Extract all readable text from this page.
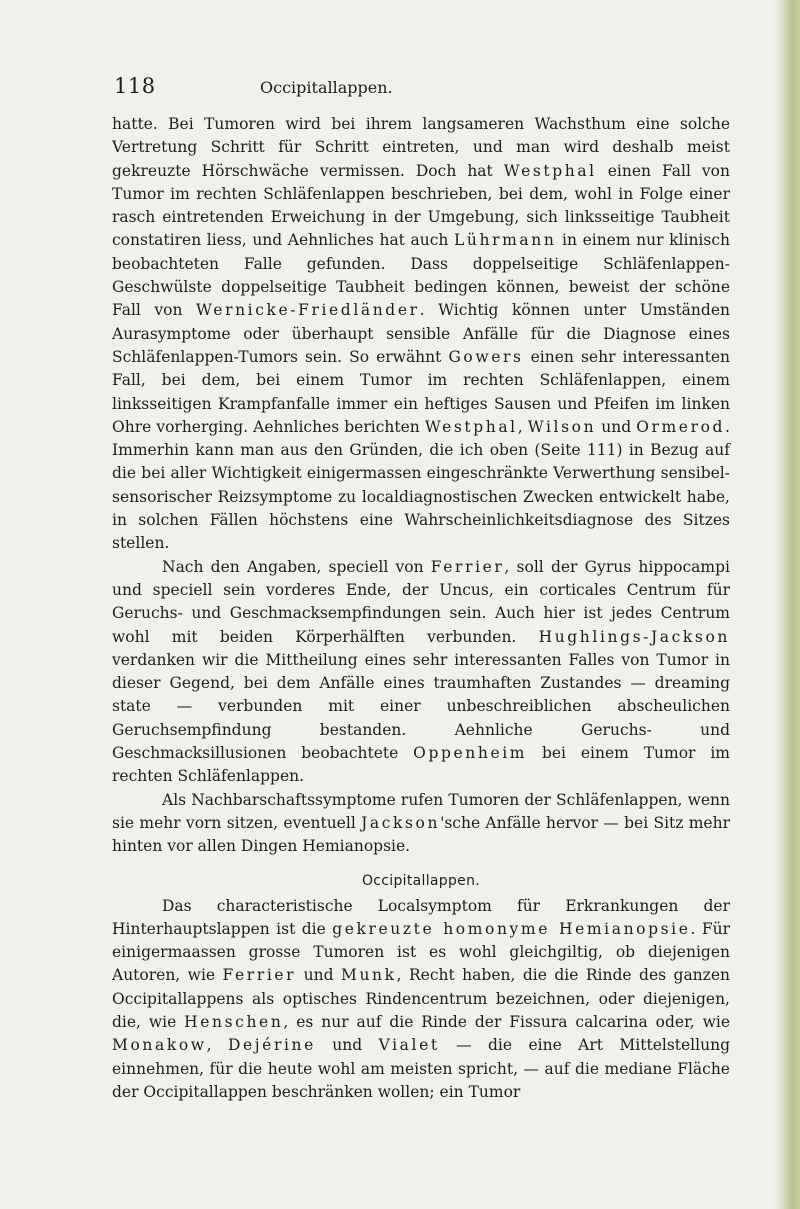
118	Occipitallappen.

hatte. Bei Tumoren wird bei ihrem langsameren Wachsthum eine solche Vertretung Schritt für Schritt eintreten, und man wird deshalb meist gekreuzte Hörschwäche vermissen. Doch hat Westphal einen Fall von Tumor im rechten Schläfenlappen beschrieben, bei dem, wohl in Folge einer rasch eintretenden Erweichung in der Umgebung, sich linksseitige Taubheit constatiren liess, und Aehnliches hat auch Lührmann in einem nur klinisch beobachteten Falle gefunden. Dass doppelseitige Schläfenlappen-Geschwülste doppelseitige Taubheit bedingen können, beweist der schöne Fall von Wernicke-Friedländer. Wichtig können unter Umständen Aurasymptome oder überhaupt sensible Anfälle für die Diagnose eines Schläfenlappen-Tumors sein. So erwähnt Gowers einen sehr interessanten Fall, bei dem, bei einem Tumor im rechten Schläfenlappen, einem linksseitigen Krampfanfalle immer ein heftiges Sausen und Pfeifen im linken Ohre vorherging. Aehnliches berichten Westphal, Wilson und Ormerod. Immerhin kann man aus den Gründen, die ich oben (Seite 111) in Bezug auf die bei aller Wichtigkeit einigermassen eingeschränkte Verwerthung sensibel-sensorischer Reizsymptome zu localdiagnostischen Zwecken entwickelt habe, in solchen Fällen höchstens eine Wahrscheinlichkeitsdiagnose des Sitzes stellen.

Nach den Angaben, speciell von Ferrier, soll der Gyrus hippocampi und speciell sein vorderes Ende, der Uncus, ein corticales Centrum für Geruchs- und Geschmacksempfindungen sein. Auch hier ist jedes Centrum wohl mit beiden Körperhälften verbunden. Hughlings-Jackson verdanken wir die Mittheilung eines sehr interessanten Falles von Tumor in dieser Gegend, bei dem Anfälle eines traumhaften Zustandes — dreaming state — verbunden mit einer unbeschreiblichen abscheulichen Geruchsempfindung bestanden. Aehnliche Geruchs- und Geschmacksillusionen beobachtete Oppenheim bei einem Tumor im rechten Schläfenlappen.

Als Nachbarschaftssymptome rufen Tumoren der Schläfenlappen, wenn sie mehr vorn sitzen, eventuell Jackson'sche Anfälle hervor — bei Sitz mehr hinten vor allen Dingen Hemianopsie.

Occipitallappen.

Das characteristische Localsymptom für Erkrankungen der Hinterhauptslappen ist die gekreuzte homonyme Hemianopsie. Für einigermaassen grosse Tumoren ist es wohl gleichgiltig, ob diejenigen Autoren, wie Ferrier und Munk, Recht haben, die die Rinde des ganzen Occipitallappens als optisches Rindencentrum bezeichnen, oder diejenigen, die, wie Henschen, es nur auf die Rinde der Fissura calcarina oder, wie Monakow, Dejérine und Vialet — die eine Art Mittelstellung einnehmen, für die heute wohl am meisten spricht, — auf die mediane Fläche der Occipitallappen beschränken wollen; ein Tumor
